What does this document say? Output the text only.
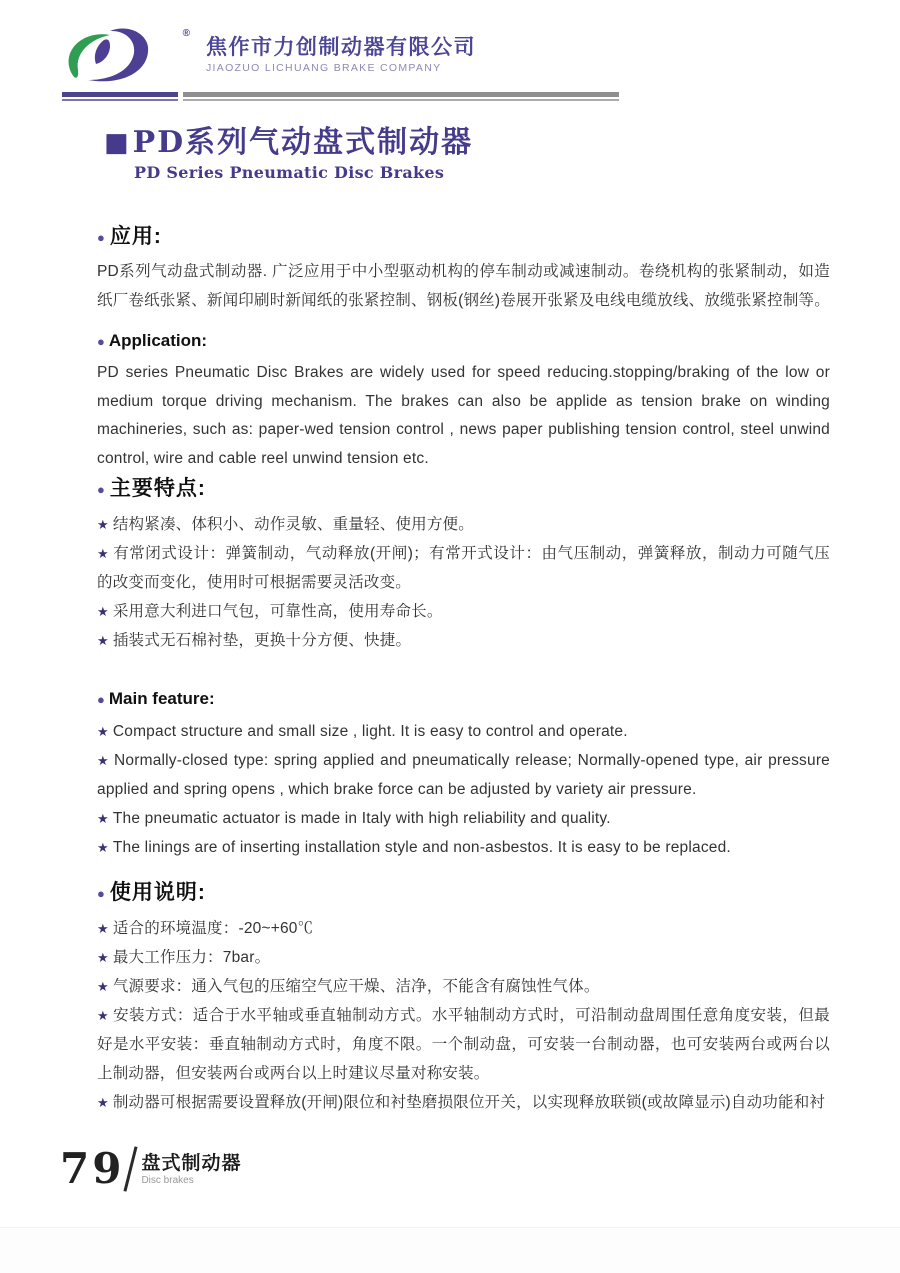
®
焦作市力创制动器有限公司
JIAOZUO LICHUANG BRAKE COMPANY
■ PD系列气动盘式制动器
PD Series Pneumatic Disc Brakes
● 应用:

PD系列气动盘式制动器. 广泛应用于中小型驱动机构的停车制动或减速制动。卷绕机构的张紧制动，如造纸厂卷纸张紧、新闻印刷时新闻纸的张紧控制、钢板(钢丝)卷展开张紧及电线电缆放线、放缆张紧控制等。

● Application:

PD series Pneumatic Disc Brakes are widely used for speed reducing.stopping/braking of the low or medium torque driving mechanism. The brakes can also be applide as tension brake on winding machineries, such as: paper-wed tension control , news paper publishing tension control, steel unwind control, wire and cable reel unwind tension etc.

● 主要特点:
★ 结构紧凑、体积小、动作灵敏、重量轻、使用方便。
★ 有常闭式设计：弹簧制动，气动释放(开闸)；有常开式设计：由气压制动，弹簧释放，制动力可随气压的改变而变化，使用时可根据需要灵活改变。
★ 采用意大利进口气包，可靠性高，使用寿命长。
★ 插装式无石棉衬垫，更换十分方便、快捷。
● Main feature:
★ Compact structure and small size , light. It is easy to control and operate.
★ Normally-closed type: spring applied and pneumatically release; Normally-opened type, air pressure applied and spring opens , which brake force can be adjusted by variety air pressure.
★ The pneumatic actuator is made in Italy with high reliability and quality.
★ The linings are of inserting installation style and non-asbestos. It is easy to be replaced.
● 使用说明:
★ 适合的环境温度：-20~+60℃
★ 最大工作压力：7bar。
★ 气源要求：通入气包的压缩空气应干燥、洁净，不能含有腐蚀性气体。
★ 安装方式：适合于水平轴或垂直轴制动方式。水平轴制动方式时，可沿制动盘周围任意角度安装，但最好是水平安装：垂直轴制动方式时，角度不限。一个制动盘，可安装一台制动器，也可安装两台或两台以上制动器，但安装两台或两台以上时建议尽量对称安装。
★ 制动器可根据需要设置释放(开闸)限位和衬垫磨损限位开关，以实现释放联锁(或故障显示)自动功能和衬
79 盘式制动器
Disc brakes
